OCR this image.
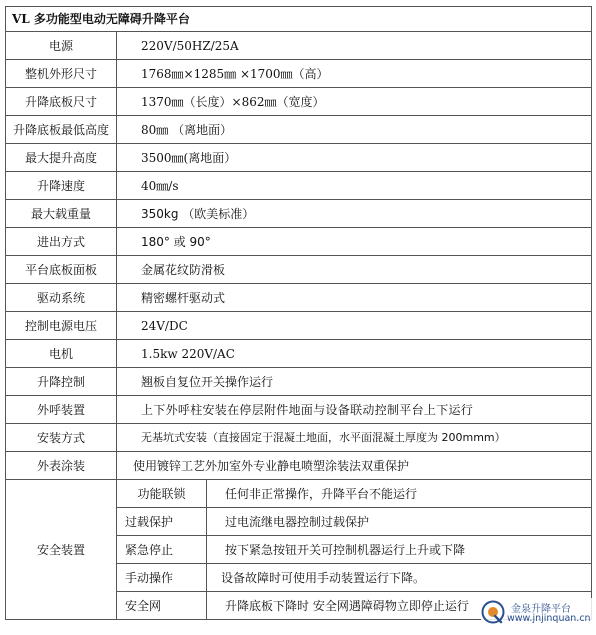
VL 多功能型电动无障碍升降平台		
电源	220V/50HZ/25A	
整机外形尺寸	1768㎜×1285㎜ ×1700㎜（高）	
升降底板尺寸	1370㎜（长度）×862㎜（宽度）	
升降底板最低高度	80㎜ （离地面）	
最大提升高度	3500㎜(离地面）	
升降速度	40㎜/s	
最大载重量	350kg （欧美标准）	
进出方式	180° 或 90°	
平台底板面板	金属花纹防滑板	
驱动系统	精密螺杆驱动式	
控制电源电压	24V/DC	
电机	1.5kw 220V/AC	
升降控制	翘板自复位开关操作运行	
外呼装置	上下外呼柱安装在停层附件地面与设备联动控制平台上下运行	
安装方式	无基坑式安装（直接固定于混凝土地面，水平面混凝土厚度为 200mmm）	
外表涂装	使用镀锌工艺外加室外专业静电喷塑涂装法双重保护	
安全装置	功能联锁	任何非正常操作，升降平台不能运行
	过载保护	过电流继电器控制过载保护
	紧急停止	按下紧急按钮开关可控制机器运行上升或下降
	手动操作	设备故障时可使用手动装置运行下降。
	安全网	升降底板下降时 安全网遇障碍物立即停止运行	金泉升降平台
www.jnjinquan.cn
